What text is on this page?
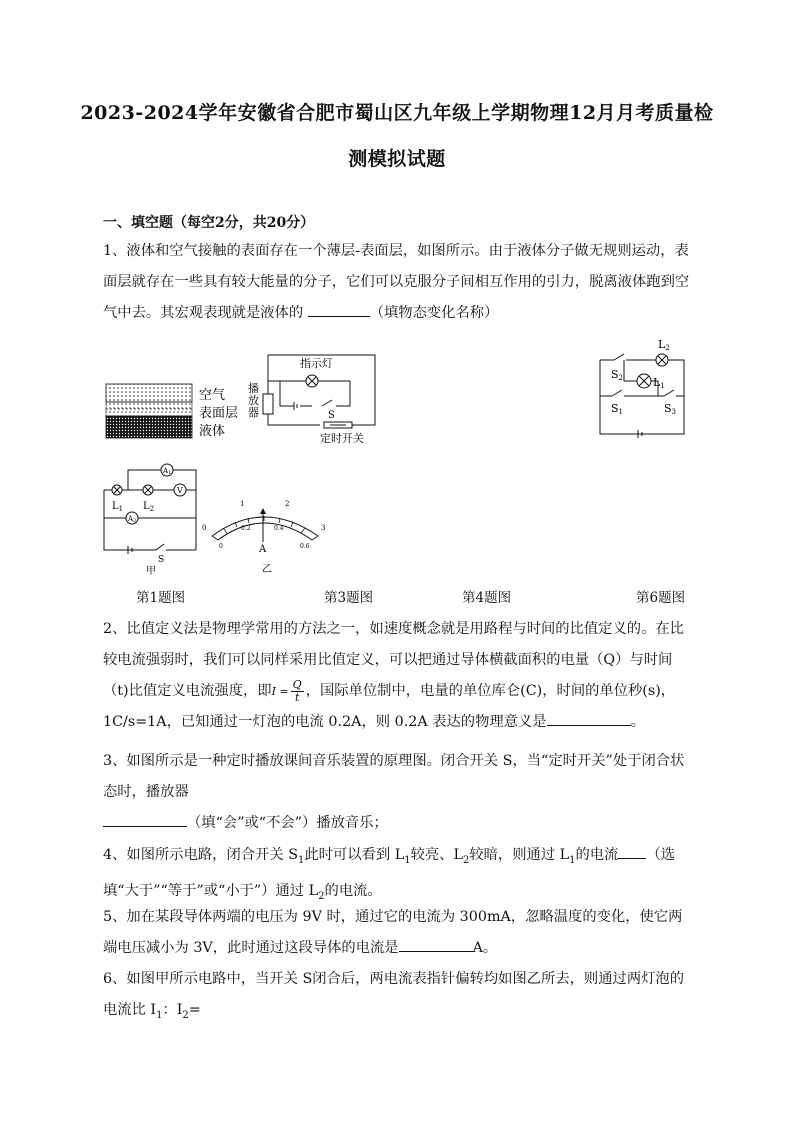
2023-2024学年安徽省合肥市蜀山区九年级上学期物理12月月考质量检
测模拟试题
一、填空题（每空2分，共20分）
1、液体和空气接触的表面存在一个薄层-表面层，如图所示。由于液体分子做无规则运动，表面层就存在一些具有较大能量的分子，它们可以克服分子间相互作用的引力，脱离液体跑到空气中去。其宏观表现就是液体的	（填物态变化名称）
空气
表面层
液体
指示灯
播
放
器	S
定时开关
L2
L1
S2
S1	S3
A1
A2
V
$L_1$ $L_2$
S
甲
0
1	2
3
0.2	0.4
0	0.6
A
乙
第1题图	第3题图	第4题图	第6题图
2、比值定义法是物理学常用的方法之一，如速度概念就是用路程与时间的比值定义的。在比较电流强弱时，我们可以同样采用比值定义，可以把通过导体横截面积的电量（Q）与时间（t)比值定义电流强度，即$I = \frac{Q}{t}$ ，国际单位制中，电量的单位库仑(C)，时间的单位秒(s)，1C/s=1A，已知通过一灯泡的电流 0.2A，则 0.2A 表达的物理意义是	。
3、如图所示是一种定时播放课间音乐装置的原理图。闭合开关 S，当“定时开关”处于闭合状态时，播放器
（填“会”或“不会”）播放音乐；
4、如图所示电路，闭合开关 $S_1$此时可以看到 $L_1$较亮、$L_2$较暗，则通过 $L_1$的电流 （选填“大于”“等于”或“小于”）通过 $L_2$的电流。
5、加在某段导体两端的电压为 9V 时，通过它的电流为 300mA，忽略温度的变化，使它两端电压减小为 3V，此时通过这段导体的电流是	A。
6、如图甲所示电路中，当开关 S闭合后，两电流表指针偏转均如图乙所去，则通过两灯泡的电流比 $I_1$：$I_2=$
